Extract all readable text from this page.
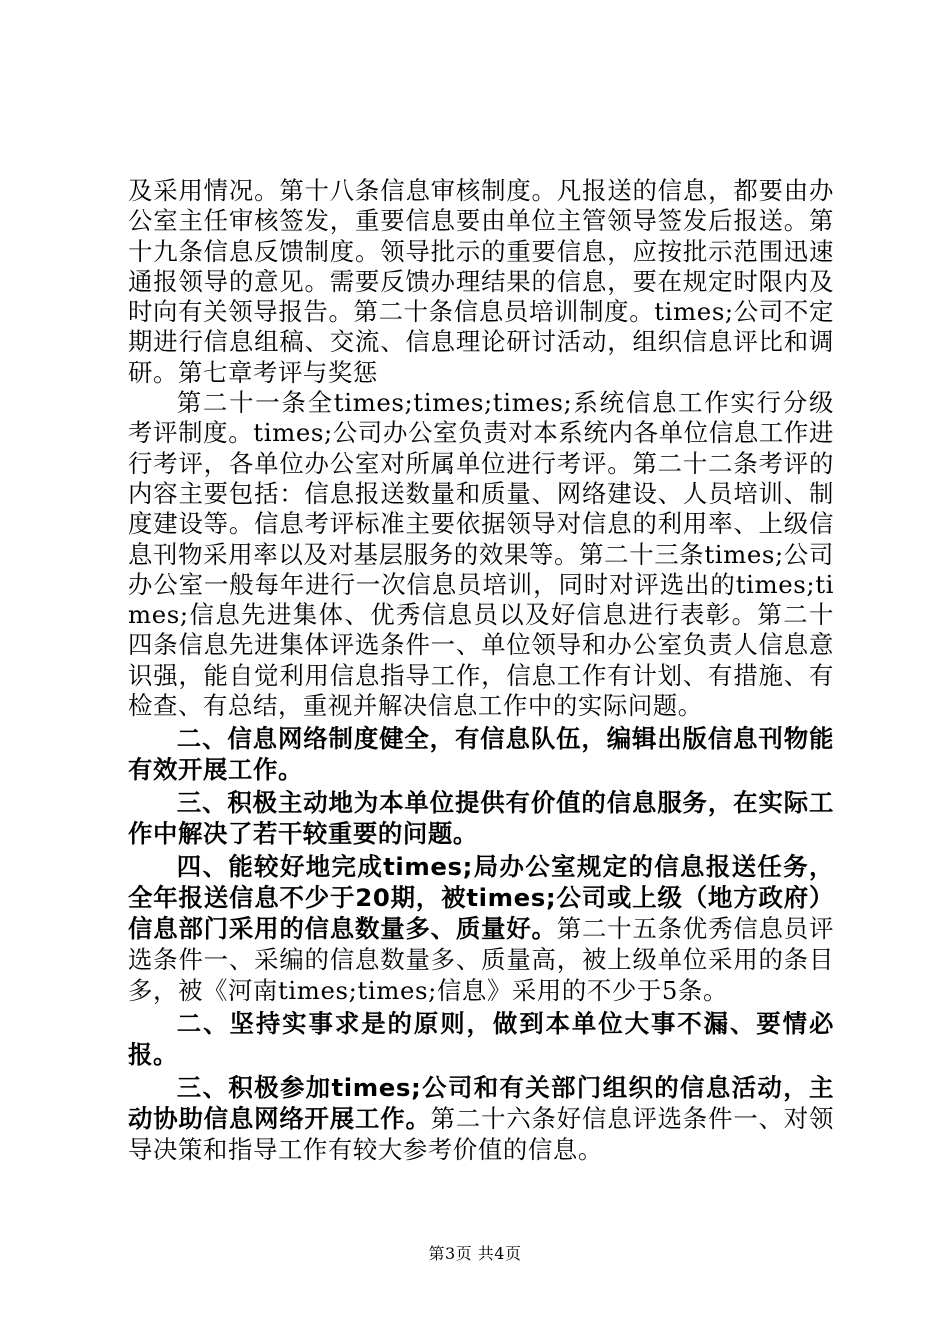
及采用情况。第十八条信息审核制度。凡报送的信息，都要由办公室主任审核签发，重要信息要由单位主管领导签发后报送。第十九条信息反馈制度。领导批示的重要信息，应按批示范围迅速通报领导的意见。需要反馈办理结果的信息，要在规定时限内及时向有关领导报告。第二十条信息员培训制度。times;公司不定期进行信息组稿、交流、信息理论研讨活动，组织信息评比和调研。第七章考评与奖惩

第二十一条全times;times;times;系统信息工作实行分级考评制度。times;公司办公室负责对本系统内各单位信息工作进行考评，各单位办公室对所属单位进行考评。第二十二条考评的内容主要包括：信息报送数量和质量、网络建设、人员培训、制度建设等。信息考评标准主要依据领导对信息的利用率、上级信息刊物采用率以及对基层服务的效果等。第二十三条times;公司办公室一般每年进行一次信息员培训，同时对评选出的times;times;信息先进集体、优秀信息员以及好信息进行表彰。第二十四条信息先进集体评选条件一、单位领导和办公室负责人信息意识强，能自觉利用信息指导工作，信息工作有计划、有措施、有检查、有总结，重视并解决信息工作中的实际问题。

二、信息网络制度健全，有信息队伍，编辑出版信息刊物能有效开展工作。

三、积极主动地为本单位提供有价值的信息服务，在实际工作中解决了若干较重要的问题。

四、能较好地完成times;局办公室规定的信息报送任务，全年报送信息不少于20期，被times;公司或上级（地方政府）信息部门采用的信息数量多、质量好。第二十五条优秀信息员评选条件一、采编的信息数量多、质量高，被上级单位采用的条目多，被《河南times;times;信息》采用的不少于5条。

二、坚持实事求是的原则，做到本单位大事不漏、要情必报。

三、积极参加times;公司和有关部门组织的信息活动，主动协助信息网络开展工作。第二十六条好信息评选条件一、对领导决策和指导工作有较大参考价值的信息。

第3页 共4页
